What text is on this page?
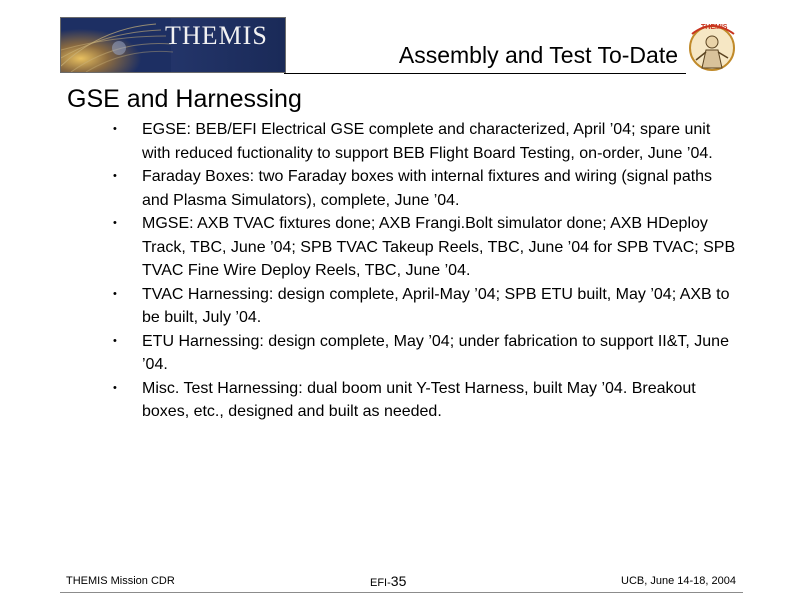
THEMIS
Assembly and Test To-Date
THEMIS
GSE and Harnessing
• EGSE: BEB/EFI Electrical GSE complete and characterized, April ’04; spare unit with reduced fuctionality to support BEB Flight Board Testing, on-order, June ’04.
• Faraday Boxes: two Faraday boxes with internal fixtures and wiring (signal paths and Plasma Simulators), complete, June ’04.
• MGSE: AXB TVAC fixtures done; AXB Frangi.Bolt simulator done; AXB HDeploy Track, TBC, June ’04; SPB TVAC Takeup Reels, TBC, June ’04 for SPB TVAC; SPB TVAC Fine Wire Deploy Reels, TBC, June ’04.
• TVAC Harnessing: design complete, April-May ’04; SPB ETU built, May ’04; AXB to be built, July ’04.
• ETU Harnessing: design complete, May ’04; under fabrication to support II&T, June ’04.
• Misc. Test Harnessing: dual boom unit Y-Test Harness, built May ’04. Breakout boxes, etc., designed and built as needed.
THEMIS Mission CDR	EFI-35	UCB, June 14-18, 2004
